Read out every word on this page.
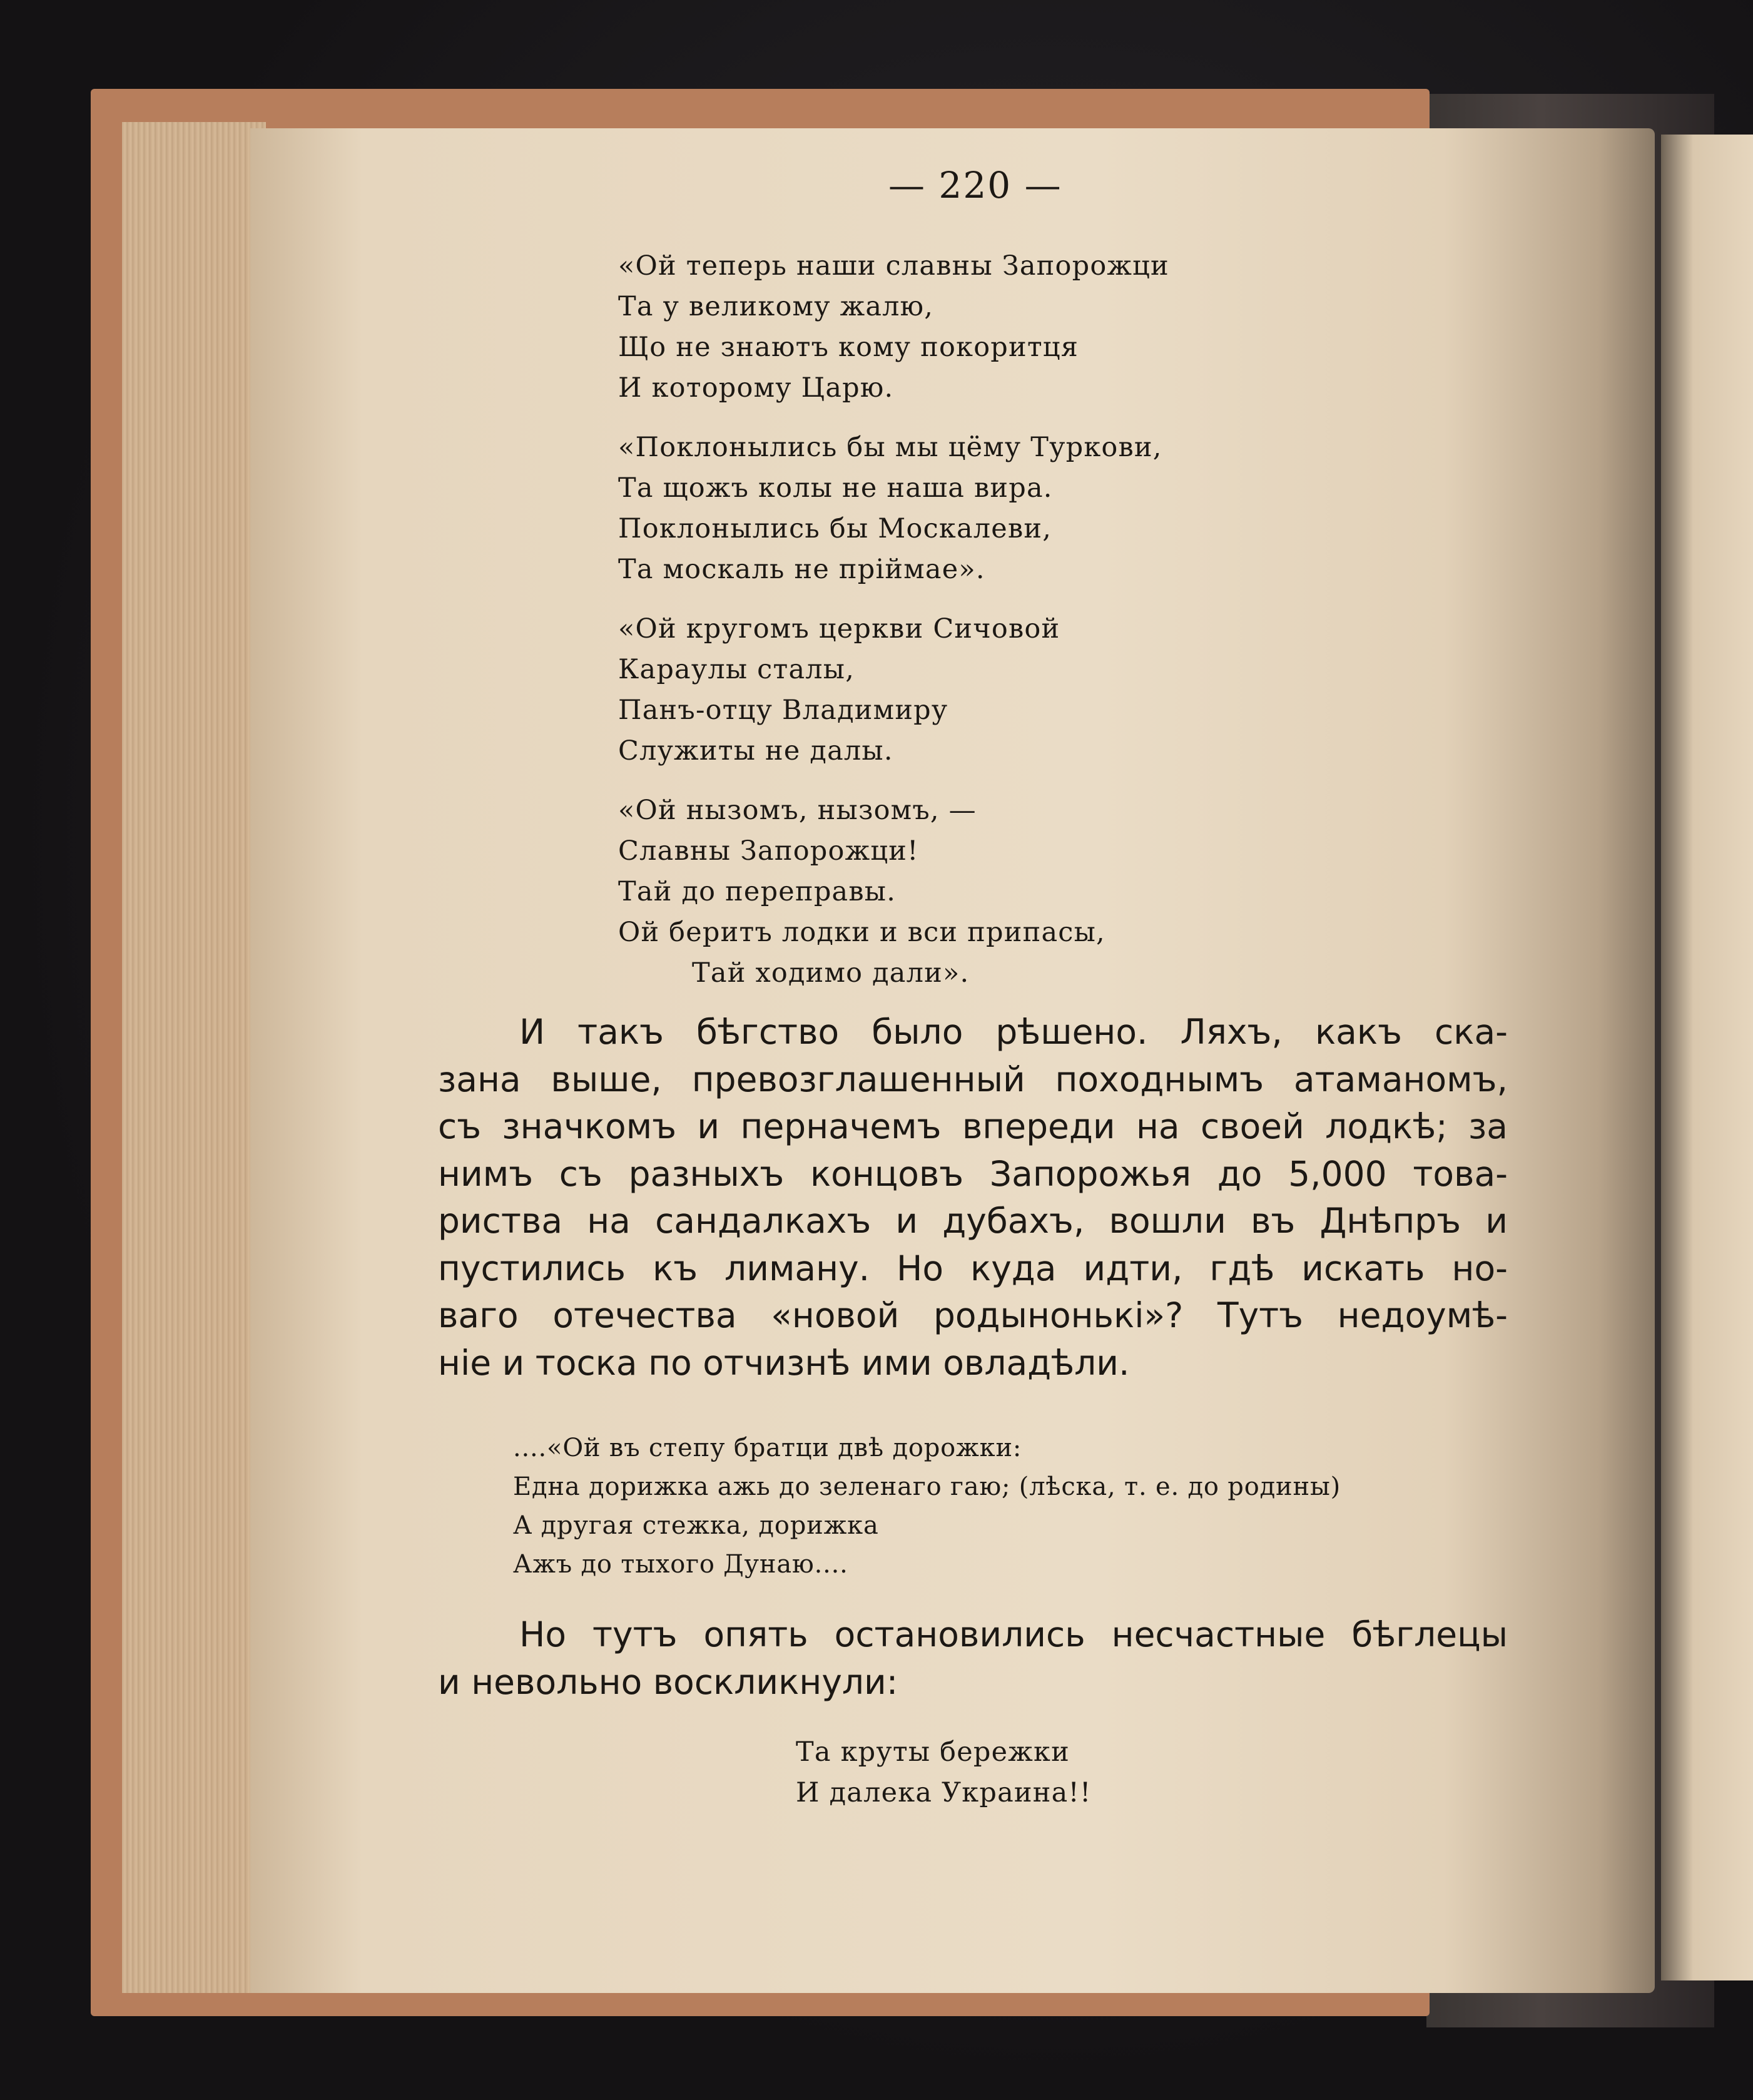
— 220 —
«Ой теперь наши славны Запорожци
Та у великому жалю,
Що не знаютъ кому покоритця
И которому Царю.
«Поклонылись бы мы цёму Туркови,
Та щожъ колы не наша вира.
Поклонылись бы Москалеви,
Та москаль не пріймае».
«Ой кругомъ церкви Сичовой
Караулы сталы,
Панъ-отцу Владимиру
Служиты не далы.
«Ой нызомъ, нызомъ, —
Славны Запорожци!
Тай до переправы.
Ой беритъ лодки и вси припасы,
Тай ходимо дали».
И такъ бѣгство было рѣшено. Ляхъ, какъ ска-
зана выше, превозглашенный походнымъ атаманомъ,
съ значкомъ и перначемъ впереди на своей лодкѣ; за
нимъ съ разныхъ концовъ Запорожья до 5,000 това-
риства на сандалкахъ и дубахъ, вошли въ Днѣпръ и
пустились къ лиману. Но куда идти, гдѣ искать но-
ваго отечества «новой родынонькі»? Тутъ недоумѣ-
ніе и тоска по отчизнѣ ими овладѣли.
....«Ой въ степу братци двѣ дорожки:
Една дорижка ажь до зеленаго гаю; (лѣска, т. е. до родины)
А другая стежка, дорижка
Ажъ до тыхого Дунаю....
Но тутъ опять остановились несчастные бѣглецы
и невольно воскликнули:
Та круты бережки
И далека Украина!!
